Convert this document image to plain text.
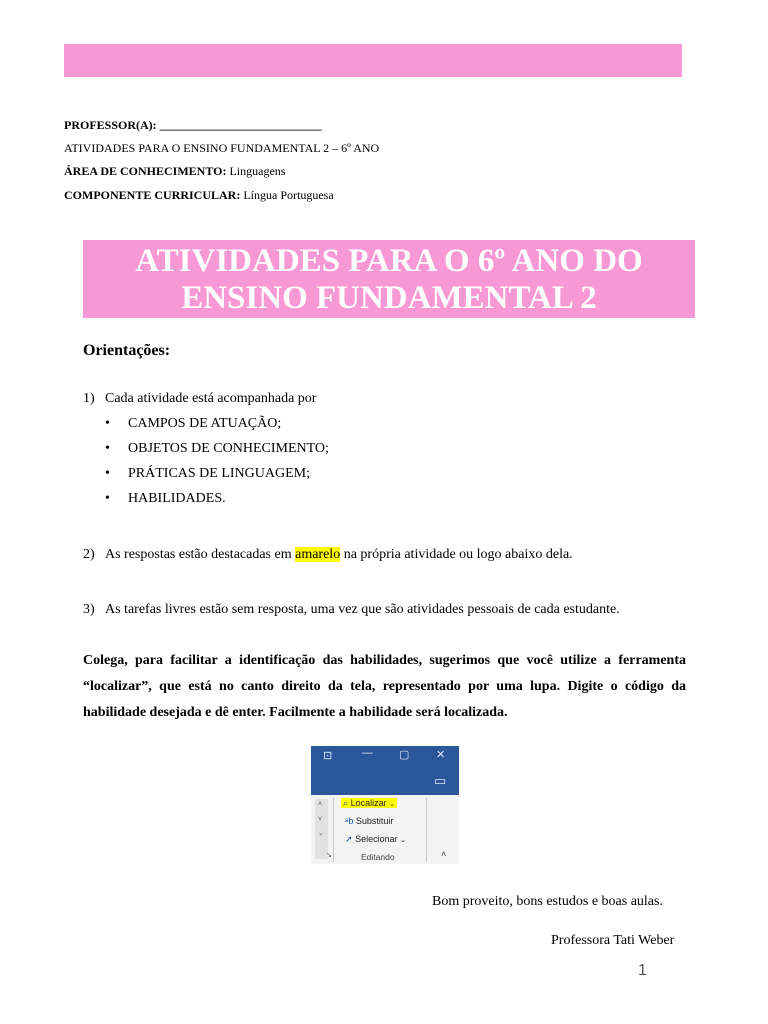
PROFESSOR(A): ___________________________
ATIVIDADES PARA O ENSINO FUNDAMENTAL 2 – 6º ANO
ÁREA DE CONHECIMENTO: Linguagens
COMPONENTE CURRICULAR: Língua Portuguesa
ATIVIDADES PARA O 6º ANO DO
ENSINO FUNDAMENTAL 2
Orientações:
1) Cada atividade está acompanhada por
• CAMPOS DE ATUAÇÃO;
• OBJETOS DE CONHECIMENTO;
• PRÁTICAS DE LINGUAGEM;
• HABILIDADES.
2) As respostas estão destacadas em amarelo na própria atividade ou logo abaixo dela.
3) As tarefas livres estão sem resposta, uma vez que são atividades pessoais de cada estudante.
Colega, para facilitar a identificação das habilidades, sugerimos que você utilize a ferramenta “localizar”, que está no canto direito da tela, representado por uma lupa. Digite o código da habilidade desejada e dê enter. Facilmente a habilidade será localizada.
⊡	— ▢ ✕
▭
˄
˅
⌄
↘
⌕ Localizar ⌄
ᵃb Substituir
➚ Selecionar ⌄
Editando	˄
Bom proveito, bons estudos e boas aulas.
Professora Tati Weber
1
